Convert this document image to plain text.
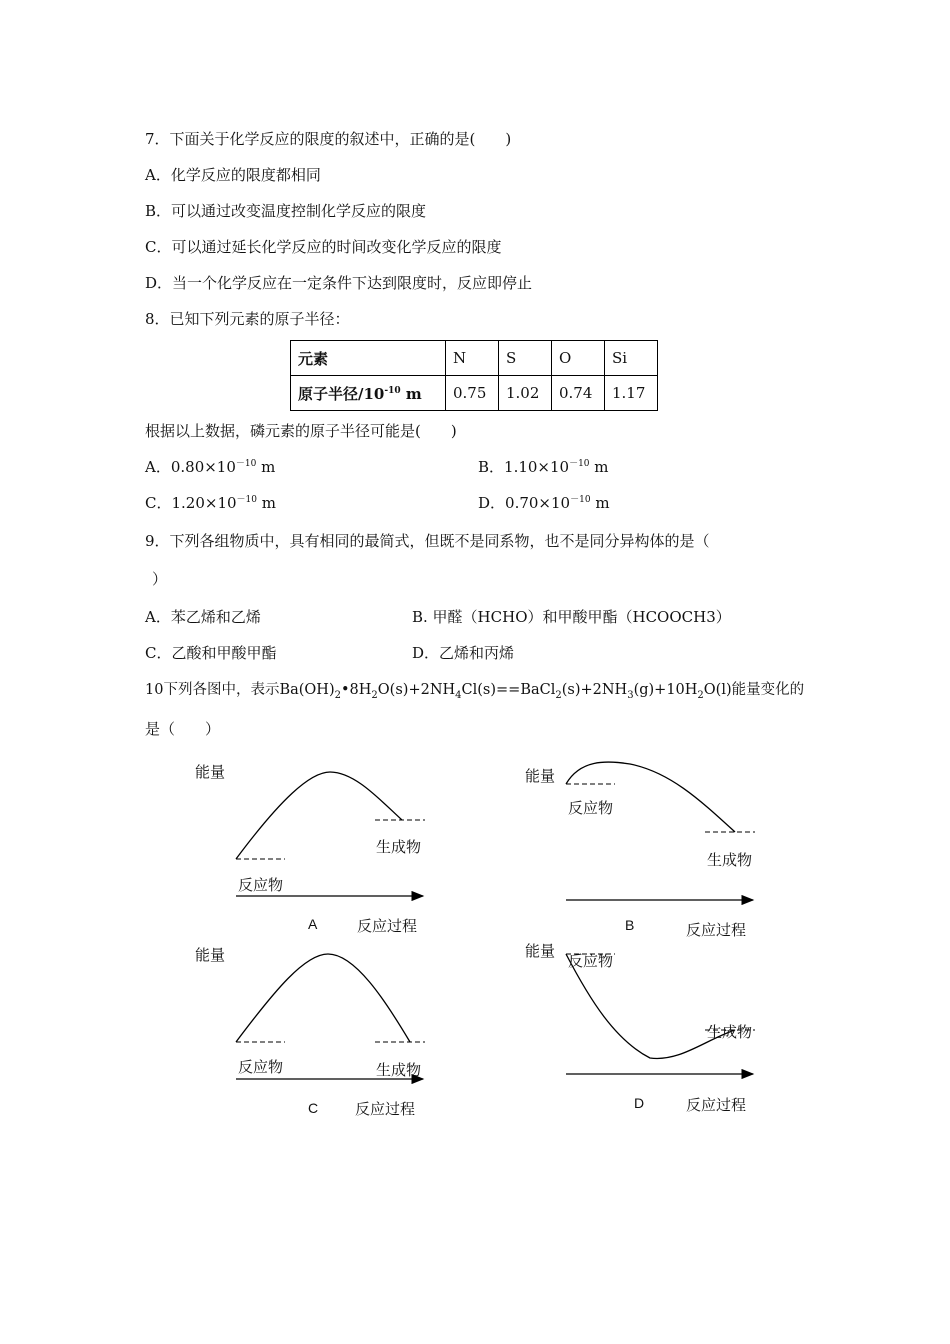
7．下面关于化学反应的限度的叙述中，正确的是(　　)
A．化学反应的限度都相同
B．可以通过改变温度控制化学反应的限度
C．可以通过延长化学反应的时间改变化学反应的限度
D．当一个化学反应在一定条件下达到限度时，反应即停止
8．已知下列元素的原子半径：
元素	N	S	O	Si
原子半径$/10^{-10}$ m	0.75	1.02	0.74	1.17
根据以上数据，磷元素的原子半径可能是(　　)
A．$0.80\times 10^{-10}$ m	B．$1.10\times 10^{-10}$ m
C．$1.20\times 10^{-10}$ m	D．$0.70\times 10^{-10}$ m
9．下列各组物质中，具有相同的最简式，但既不是同系物，也不是同分异构体的是（
）
A．苯乙烯和乙烯	B. 甲醛（HCHO）和甲酸甲酯（HCOOCH3）
C．乙酸和甲酸甲酯	D．乙烯和丙烯
10下列各图中，表示$Ba(OH)_2•8H_2O(s)+2NH_4Cl(s)==BaCl_2(s)+2NH_3(g)+10H_2O(l)$能量变化的
是（　　）
能量
生成物
反应物
A	反应过程
能量
反应物
生成物
B	反应过程
能量
反应物	生成物
C 反应过程
能量
反应物
生成物
D	反应过程
